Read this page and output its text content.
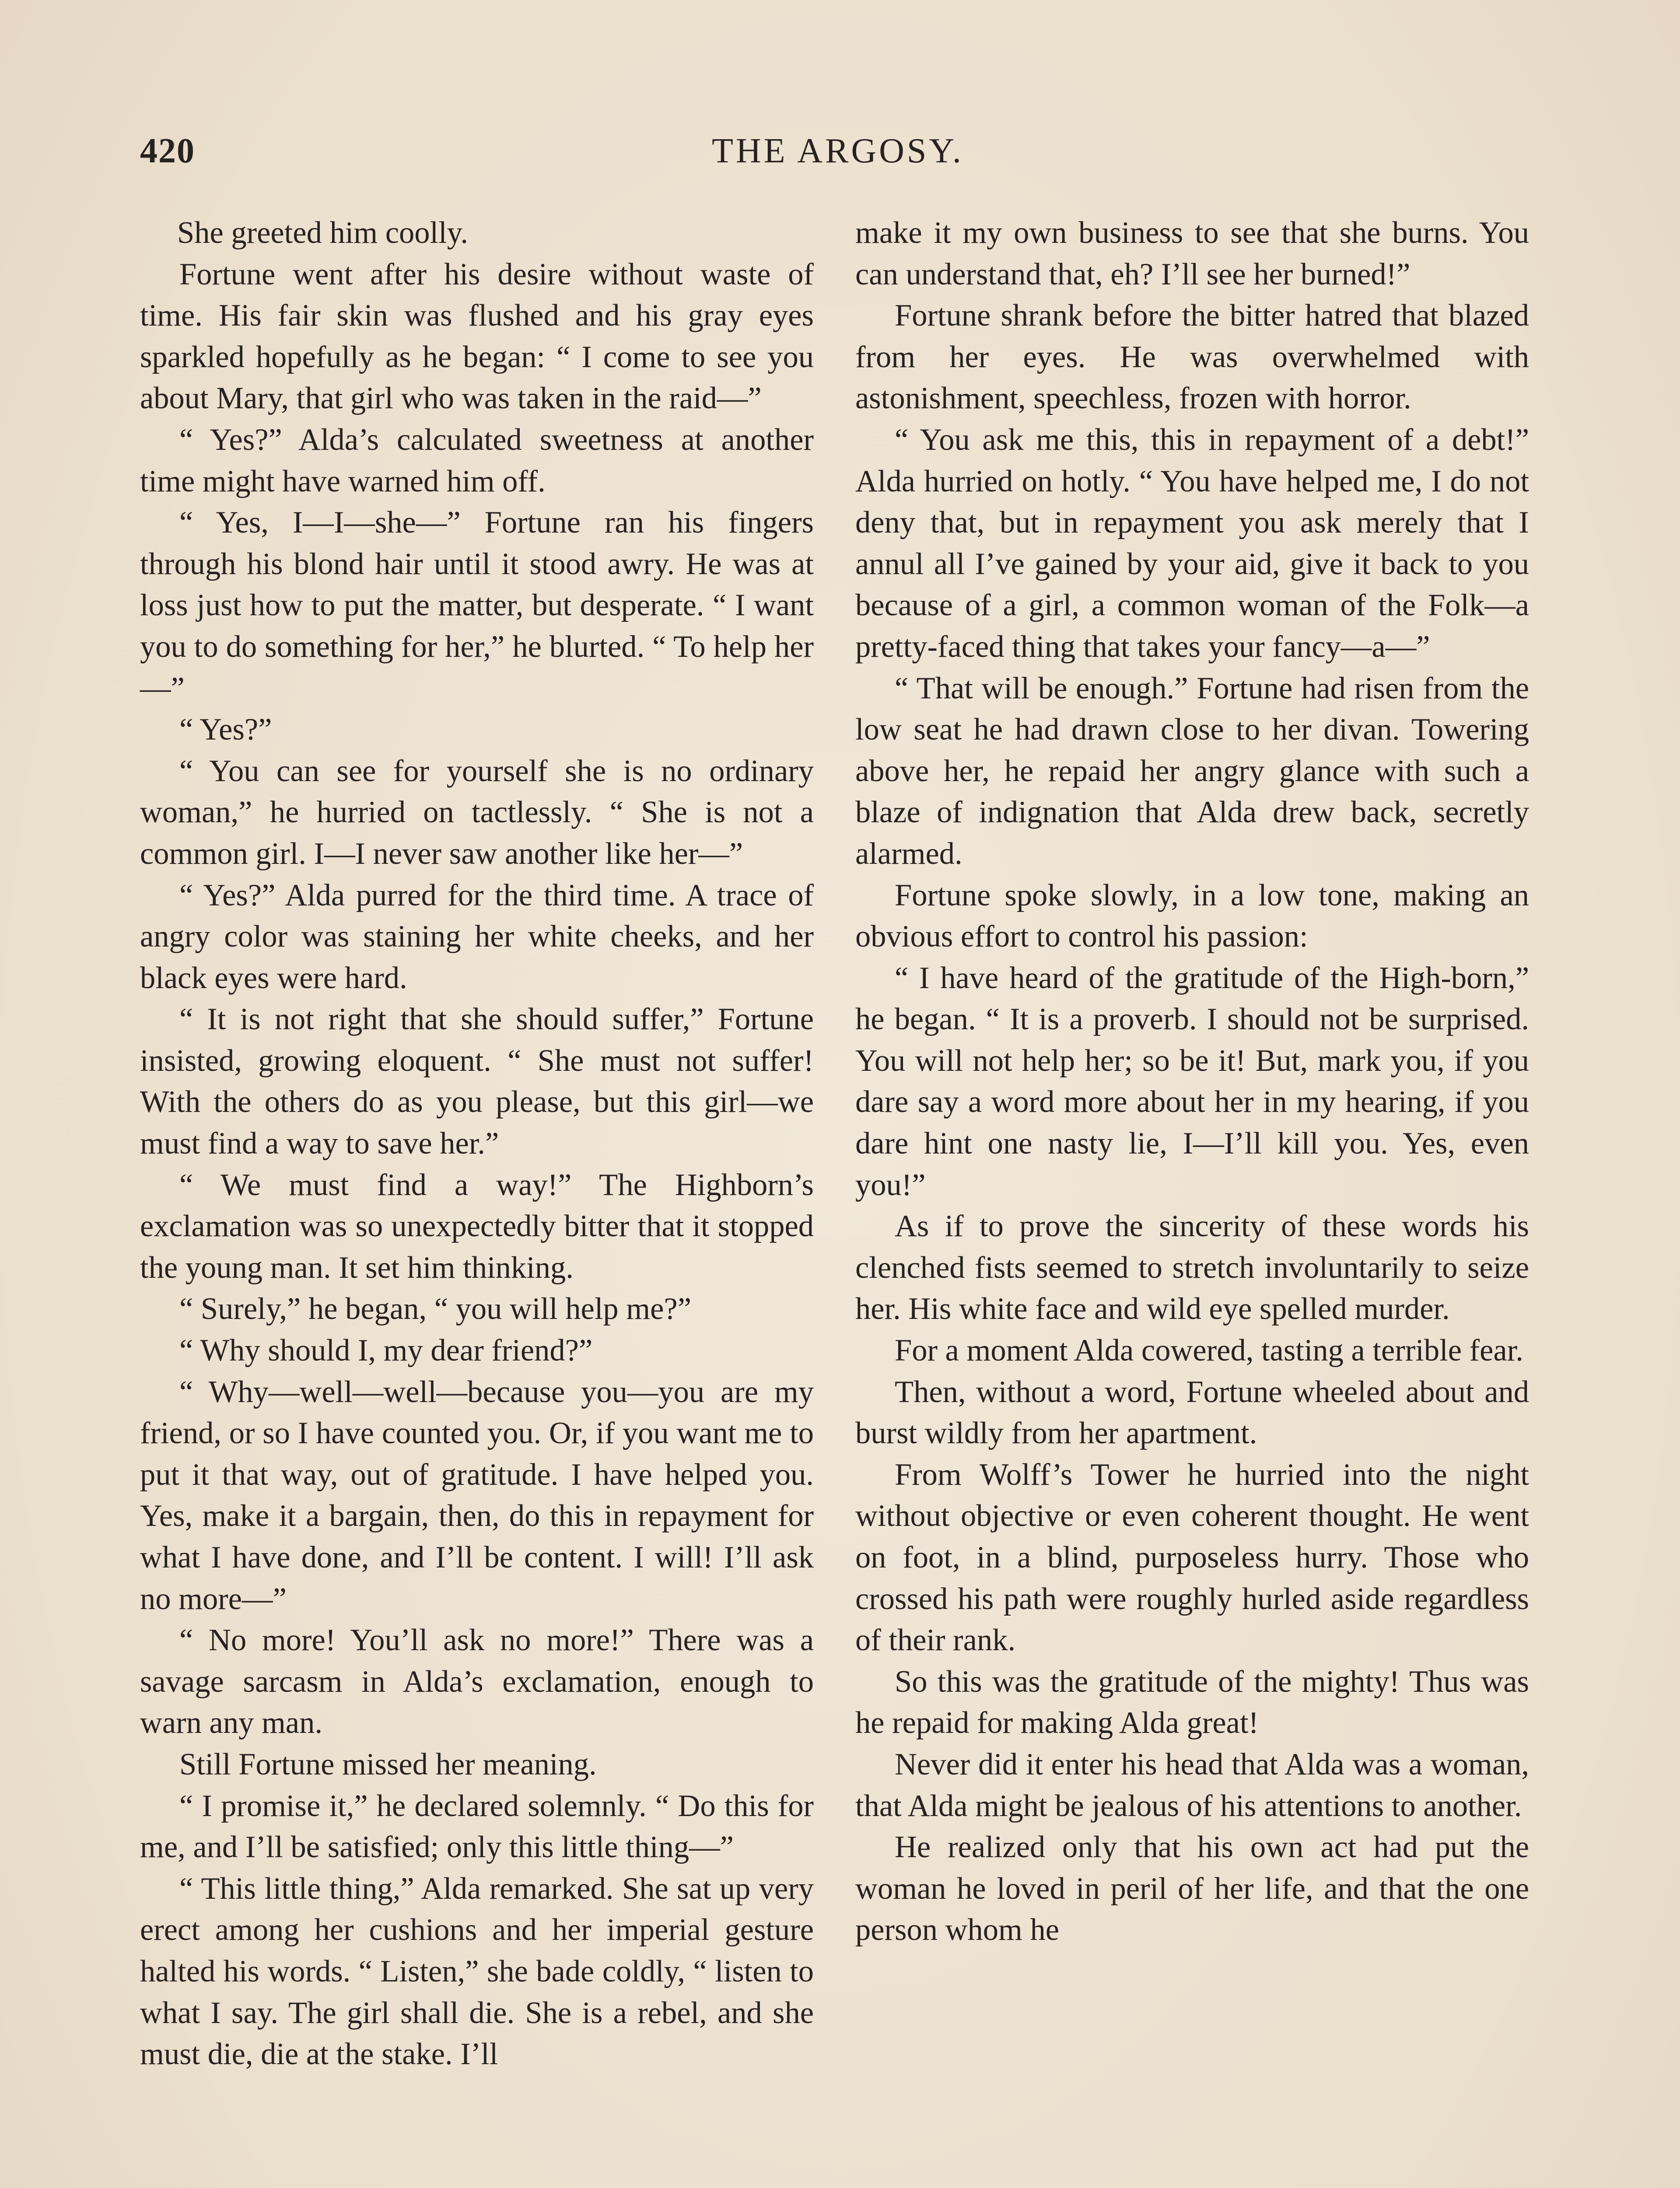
420	THE ARGOSY.

She greeted him coolly.

Fortune went after his desire without waste of time. His fair skin was flushed and his gray eyes sparkled hopefully as he began: “ I come to see you about Mary, that girl who was taken in the raid—”

“ Yes?” Alda’s calculated sweetness at another time might have warned him off.

“ Yes, I—I—she—” Fortune ran his fingers through his blond hair until it stood awry. He was at loss just how to put the matter, but desperate. “ I want you to do something for her,” he blurted. “ To help her—”

“ Yes?”

“ You can see for yourself she is no ordinary woman,” he hurried on tactlessly. “ She is not a common girl. I—I never saw another like her—”

“ Yes?” Alda purred for the third time. A trace of angry color was staining her white cheeks, and her black eyes were hard.

“ It is not right that she should suffer,” Fortune insisted, growing eloquent. “ She must not suffer! With the others do as you please, but this girl—we must find a way to save her.”

“ We must find a way!” The Highborn’s exclamation was so unexpectedly bitter that it stopped the young man. It set him thinking.

“ Surely,” he began, “ you will help me?”

“ Why should I, my dear friend?”

“ Why—well—well—because you—you are my friend, or so I have counted you. Or, if you want me to put it that way, out of gratitude. I have helped you. Yes, make it a bargain, then, do this in repayment for what I have done, and I’ll be content. I will! I’ll ask no more—”

“ No more! You’ll ask no more!” There was a savage sarcasm in Alda’s exclamation, enough to warn any man.

Still Fortune missed her meaning.

“ I promise it,” he declared solemnly. “ Do this for me, and I’ll be satisfied; only this little thing—”

“ This little thing,” Alda remarked. She sat up very erect among her cushions and her imperial gesture halted his words. “ Listen,” she bade coldly, “ listen to what I say. The girl shall die. She is a rebel, and she must die, die at the stake. I’ll

make it my own business to see that she burns. You can understand that, eh? I’ll see her burned!”

Fortune shrank before the bitter hatred that blazed from her eyes. He was overwhelmed with astonishment, speechless, frozen with horror.

“ You ask me this, this in repayment of a debt!” Alda hurried on hotly. “ You have helped me, I do not deny that, but in repayment you ask merely that I annul all I’ve gained by your aid, give it back to you because of a girl, a common woman of the Folk—a pretty-faced thing that takes your fancy—a—”

“ That will be enough.” Fortune had risen from the low seat he had drawn close to her divan. Towering above her, he repaid her angry glance with such a blaze of indignation that Alda drew back, secretly alarmed.

Fortune spoke slowly, in a low tone, making an obvious effort to control his passion:

“ I have heard of the gratitude of the High-born,” he began. “ It is a proverb. I should not be surprised. You will not help her; so be it! But, mark you, if you dare say a word more about her in my hearing, if you dare hint one nasty lie, I—I’ll kill you. Yes, even you!”

As if to prove the sincerity of these words his clenched fists seemed to stretch involuntarily to seize her. His white face and wild eye spelled murder.

For a moment Alda cowered, tasting a terrible fear.

Then, without a word, Fortune wheeled about and burst wildly from her apartment.

From Wolff’s Tower he hurried into the night without objective or even coherent thought. He went on foot, in a blind, purposeless hurry. Those who crossed his path were roughly hurled aside regardless of their rank.

So this was the gratitude of the mighty! Thus was he repaid for making Alda great!

Never did it enter his head that Alda was a woman, that Alda might be jealous of his attentions to another.

He realized only that his own act had put the woman he loved in peril of her life, and that the one person whom he
